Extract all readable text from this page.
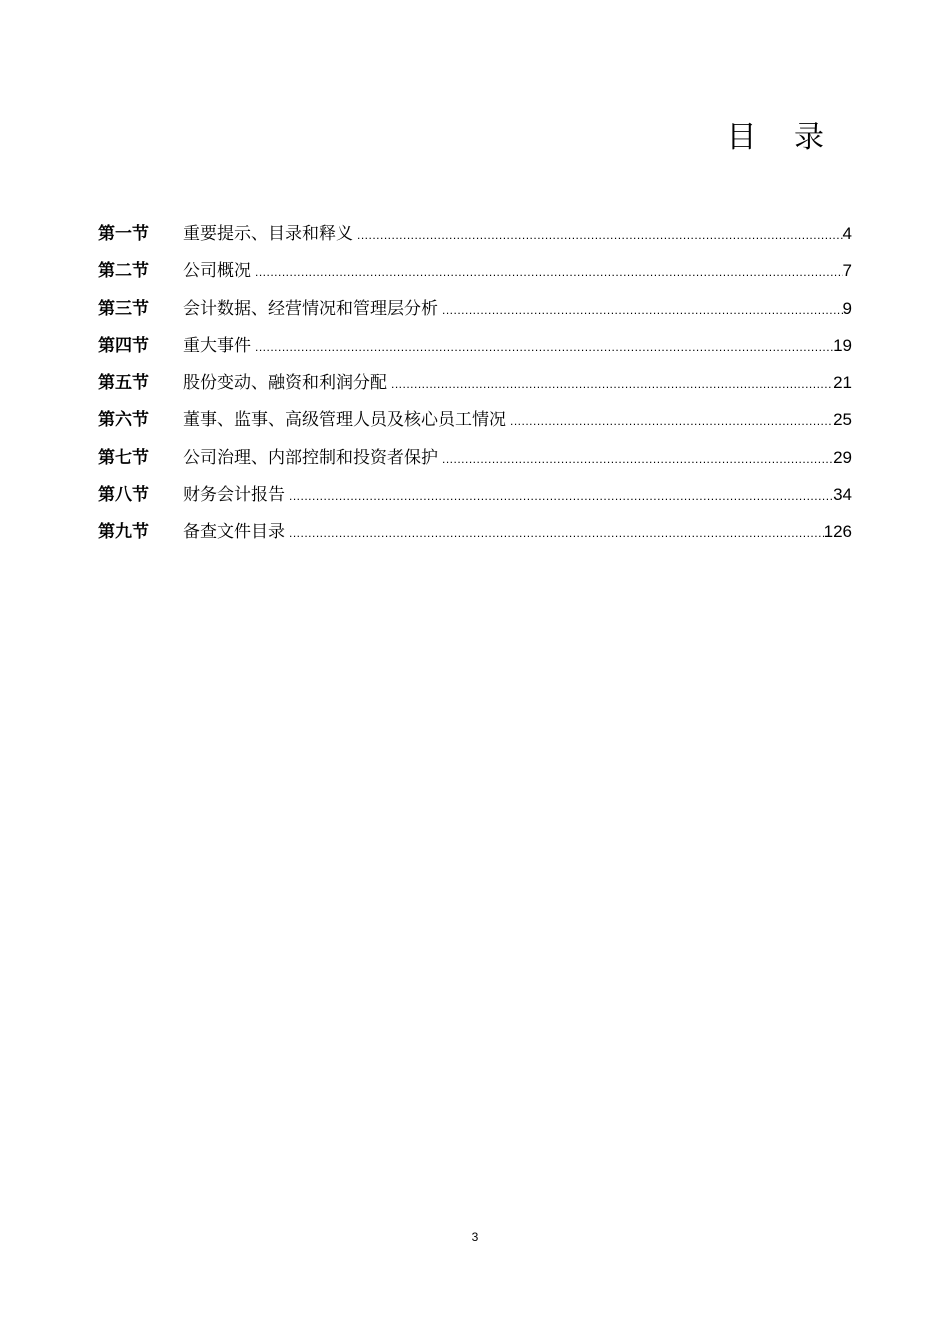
目 录
第一节	重要提示、目录和释义 .....	4
第二节	公司概况 .....	7
第三节	会计数据、经营情况和管理层分析 .....	9
第四节	重大事件 .....	19
第五节	股份变动、融资和利润分配 .....	21
第六节	董事、监事、高级管理人员及核心员工情况 .....	25
第七节	公司治理、内部控制和投资者保护 .....	29
第八节	财务会计报告 .....	34
第九节	备查文件目录 .....	126
3
